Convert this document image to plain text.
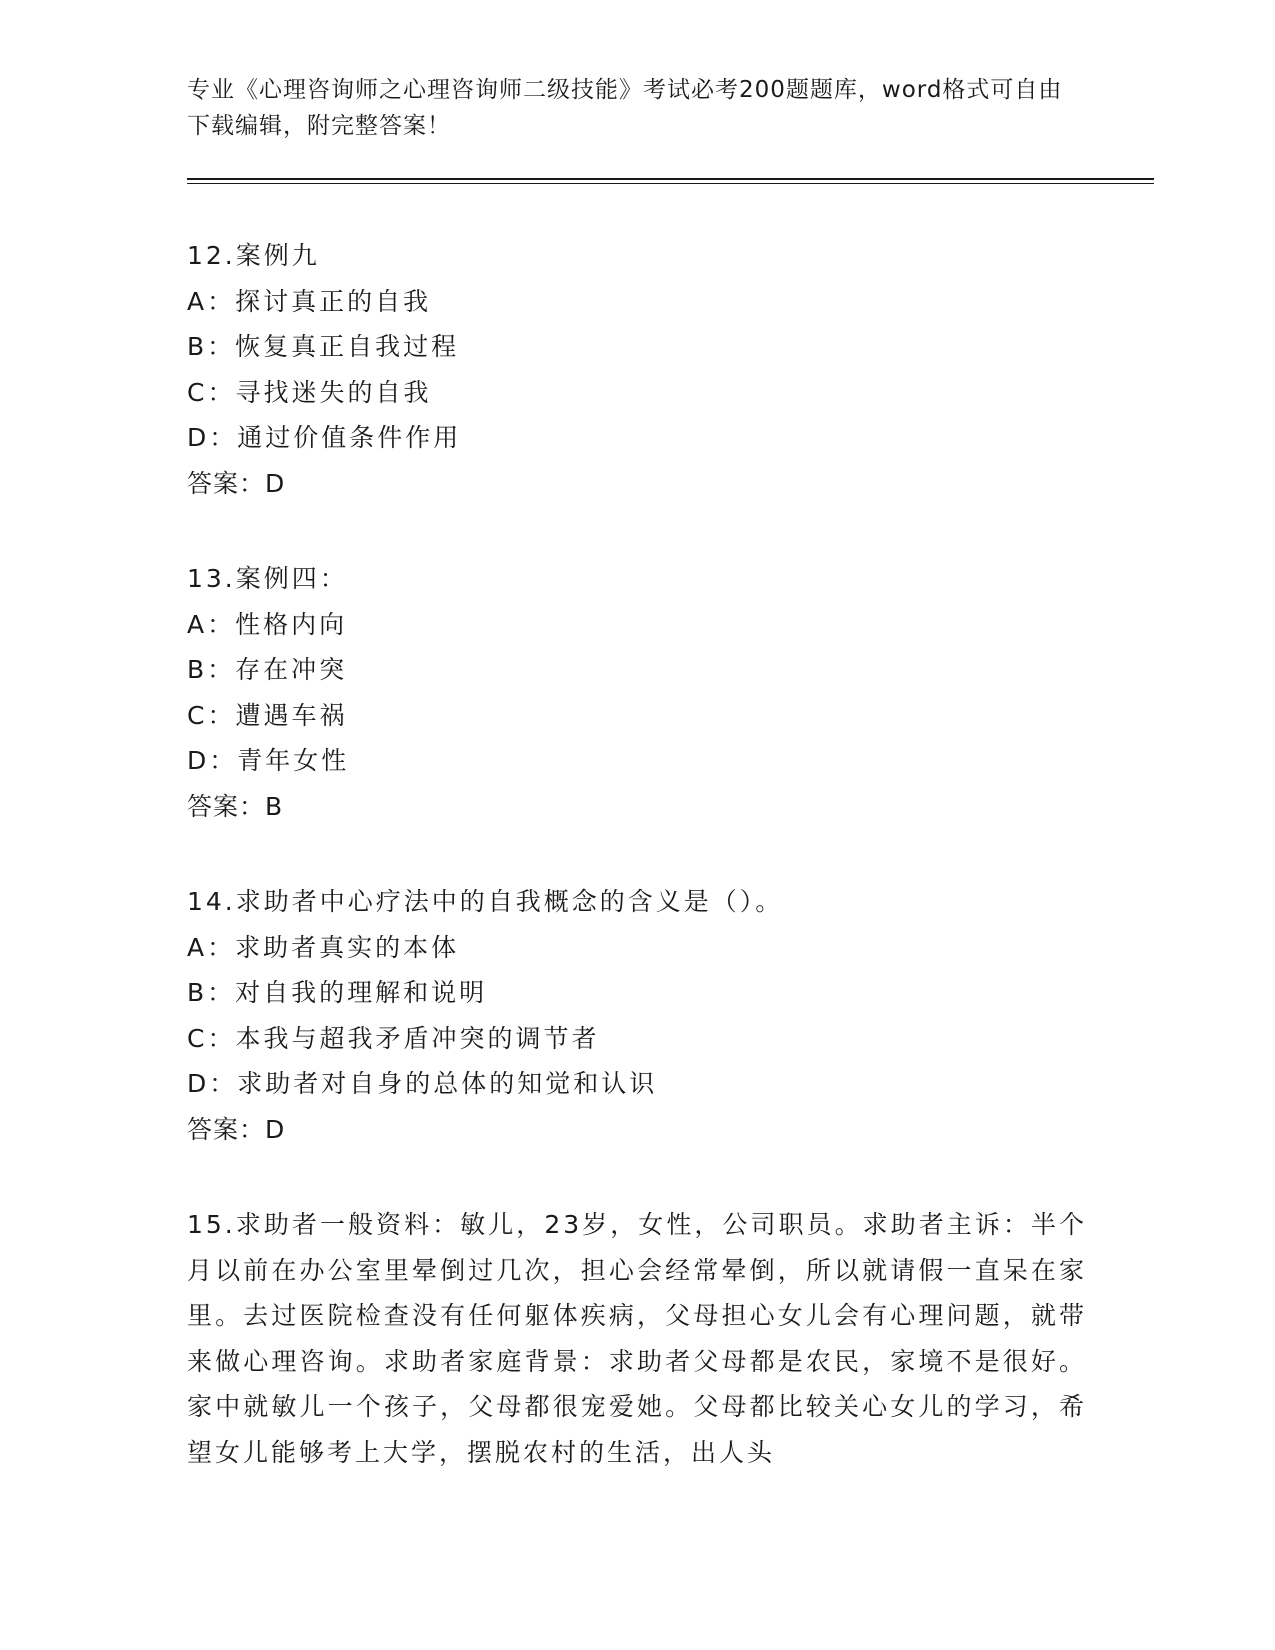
专业《心理咨询师之心理咨询师二级技能》考试必考200题题库，word格式可自由下载编辑，附完整答案！
12.案例九
A：探讨真正的自我
B：恢复真正自我过程
C：寻找迷失的自我
D：通过价值条件作用
答案：D
13.案例四：
A：性格内向
B：存在冲突
C：遭遇车祸
D：青年女性
答案：B
14.求助者中心疗法中的自我概念的含义是（）。
A：求助者真实的本体
B：对自我的理解和说明
C：本我与超我矛盾冲突的调节者
D：求助者对自身的总体的知觉和认识
答案：D
15.求助者一般资料：敏儿，23岁，女性，公司职员。求助者主诉：半个月以前在办公室里晕倒过几次，担心会经常晕倒，所以就请假一直呆在家里。去过医院检查没有任何躯体疾病，父母担心女儿会有心理问题，就带来做心理咨询。求助者家庭背景：求助者父母都是农民，家境不是很好。家中就敏儿一个孩子，父母都很宠爱她。父母都比较关心女儿的学习，希望女儿能够考上大学，摆脱农村的生活，出人头
